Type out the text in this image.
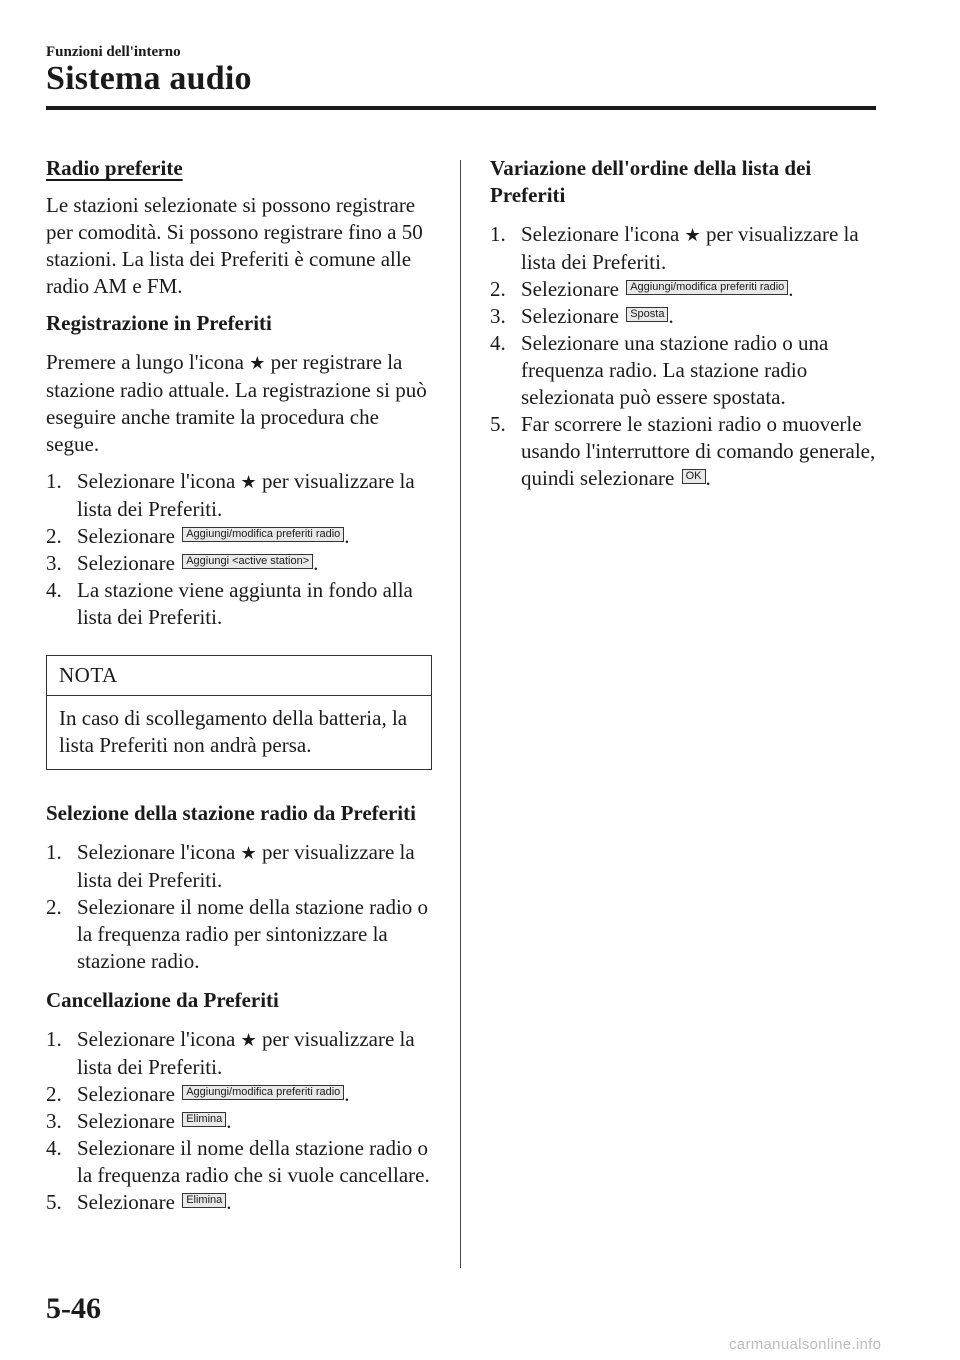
Funzioni dell'interno
Sistema audio
Radio preferite

Le stazioni selezionate si possono registrare per comodità. Si possono registrare fino a 50 stazioni. La lista dei Preferiti è comune alle radio AM e FM.

Registrazione in Preferiti

Premere a lungo l'icona ★ per registrare la stazione radio attuale. La registrazione si può eseguire anche tramite la procedura che segue.

1. Selezionare l'icona ★ per visualizzare la lista dei Preferiti.
2. Selezionare Aggiungi/modifica preferiti radio .
3. Selezionare Aggiungi <active station> .
4. La stazione viene aggiunta in fondo alla lista dei Preferiti.
NOTA
In caso di scollegamento della batteria, la lista Preferiti non andrà persa.
Selezione della stazione radio da Preferiti
1. Selezionare l'icona ★ per visualizzare la lista dei Preferiti.
2. Selezionare il nome della stazione radio o la frequenza radio per sintonizzare la stazione radio.
Cancellazione da Preferiti
1. Selezionare l'icona ★ per visualizzare la lista dei Preferiti.
2. Selezionare Aggiungi/modifica preferiti radio .
3. Selezionare Elimina .
4. Selezionare il nome della stazione radio o la frequenza radio che si vuole cancellare.
5. Selezionare Elimina .
Variazione dell'ordine della lista dei Preferiti
1. Selezionare l'icona ★ per visualizzare la lista dei Preferiti.
2. Selezionare Aggiungi/modifica preferiti radio .
3. Selezionare Sposta .
4. Selezionare una stazione radio o una frequenza radio. La stazione radio selezionata può essere spostata.
5. Far scorrere le stazioni radio o muoverle usando l'interruttore di comando generale, quindi selezionare OK .
5-46
carmanualsonline.info
